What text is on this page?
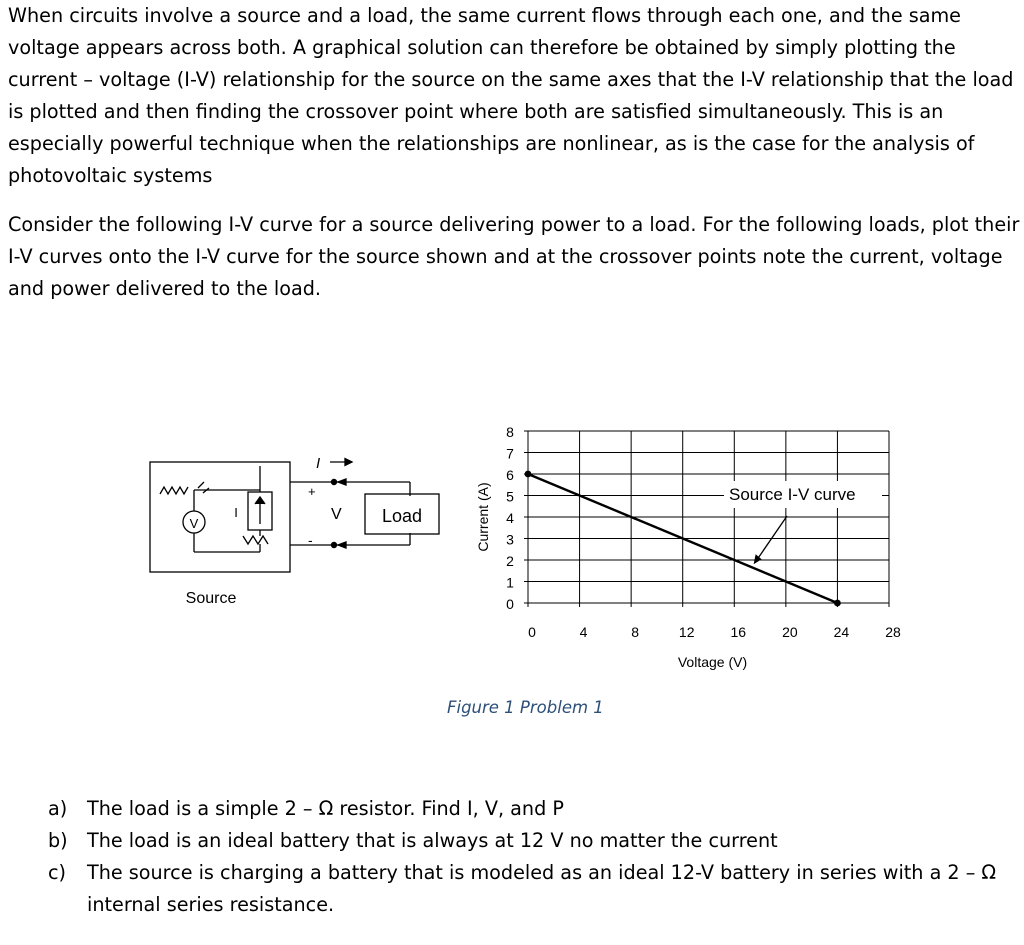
When circuits involve a source and a load, the same current flows through each one, and the same voltage appears across both. A graphical solution can therefore be obtained by simply plotting the current – voltage (I-V) relationship for the source on the same axes that the I-V relationship that the load is plotted and then finding the crossover point where both are satisfied simultaneously. This is an especially powerful technique when the relationships are nonlinear, as is the case for the analysis of photovoltaic systems

Consider the following I-V curve for a source delivering power to a load. For the following loads, plot their I-V curves onto the I-V curve for the source shown and at the crossover points note the current, voltage and power delivered to the load.

V
I
I
+
-
V Load
Source
0	4	8	12	16	20	24	28
0
1
2
3
4
5
6
7
8
Voltage (V)
Current (A)	Source I-V curve
Figure 1 Problem 1
a) The load is a simple 2 – Ω resistor. Find I, V, and P
b) The load is an ideal battery that is always at 12 V no matter the current
c) The source is charging a battery that is modeled as an ideal 12-V battery in series with a 2 – Ω internal series resistance.
